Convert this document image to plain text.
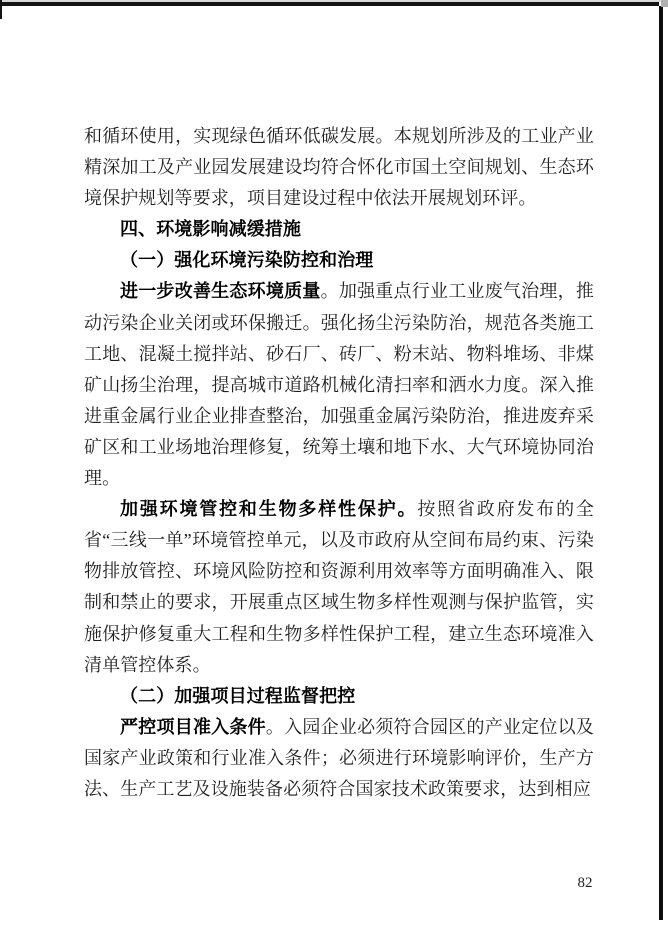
和循环使用，实现绿色循环低碳发展。本规划所涉及的工业产业精深加工及产业园发展建设均符合怀化市国土空间规划、生态环境保护规划等要求，项目建设过程中依法开展规划环评。

四、环境影响减缓措施

（一）强化环境污染防控和治理

进一步改善生态环境质量。加强重点行业工业废气治理，推动污染企业关闭或环保搬迁。强化扬尘污染防治，规范各类施工工地、混凝土搅拌站、砂石厂、砖厂、粉末站、物料堆场、非煤矿山扬尘治理，提高城市道路机械化清扫率和洒水力度。深入推进重金属行业企业排查整治，加强重金属污染防治，推进废弃采矿区和工业场地治理修复，统筹土壤和地下水、大气环境协同治理。

加强环境管控和生物多样性保护。按照省政府发布的全省“三线一单”环境管控单元，以及市政府从空间布局约束、污染物排放管控、环境风险防控和资源利用效率等方面明确准入、限制和禁止的要求，开展重点区域生物多样性观测与保护监管，实施保护修复重大工程和生物多样性保护工程，建立生态环境准入清单管控体系。

（二）加强项目过程监督把控

严控项目准入条件。入园企业必须符合园区的产业定位以及国家产业政策和行业准入条件；必须进行环境影响评价，生产方法、生产工艺及设施装备必须符合国家技术政策要求，达到相应

82
